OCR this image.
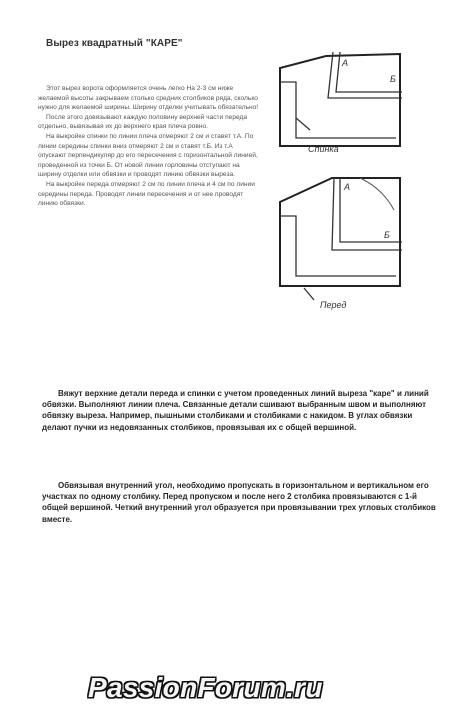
Вырез квадратный "КАРЕ"

Этот вырез ворота оформляется очень легко На 2-3 см ниже желаемой высоты закрываем столько средних столбиков ряда, сколько нужно для желаемой ширины. Ширину отделки учитывать обязательно!

После этого довязывают каждую половину верхней части переда отдельно, вывязывая их до верхнего края плеча ровно.

На выкройке спинки по линии плеча отмеряют 2 см и ставят т.А. По линии середины спинки вниз отмеряют 2 см и ставят т.Б. Из т.А опускают перпендикуляр до его пересечения с горизонтальной линией, проведенной из точки Б. От новой линии горловины отступают на ширину отделки или обвязки и проводят линию обвязки выреза.

На выкройке переда отмеряют 2 см по линии плеча и 4 см по линии середины переда. Проводят линии пересечения и от нее проводят линию обвязки.

А
Б
Спинка
А
Б
Перед

Вяжут верхние детали переда и спинки с учетом проведенных линий выреза "каре" и линий обвязки. Выполняют линии плеча. Связанные детали сшивают выбранным швом и выполняют обвязку выреза. Например, пышными столбиками и столбиками с накидом. В углах обвязки делают пучки из недовязанных столбиков, провязывая их с общей вершиной.

Обвязывая внутренний угол, необходимо пропускать в горизонтальном и вертикальном его участках по одному столбику. Перед пропуском и после него 2 столбика провязываются с 1-й общей вершиной. Четкий внутренний угол образуется при провязывании трех угловых столбиков вместе.

PassionForum.ru
